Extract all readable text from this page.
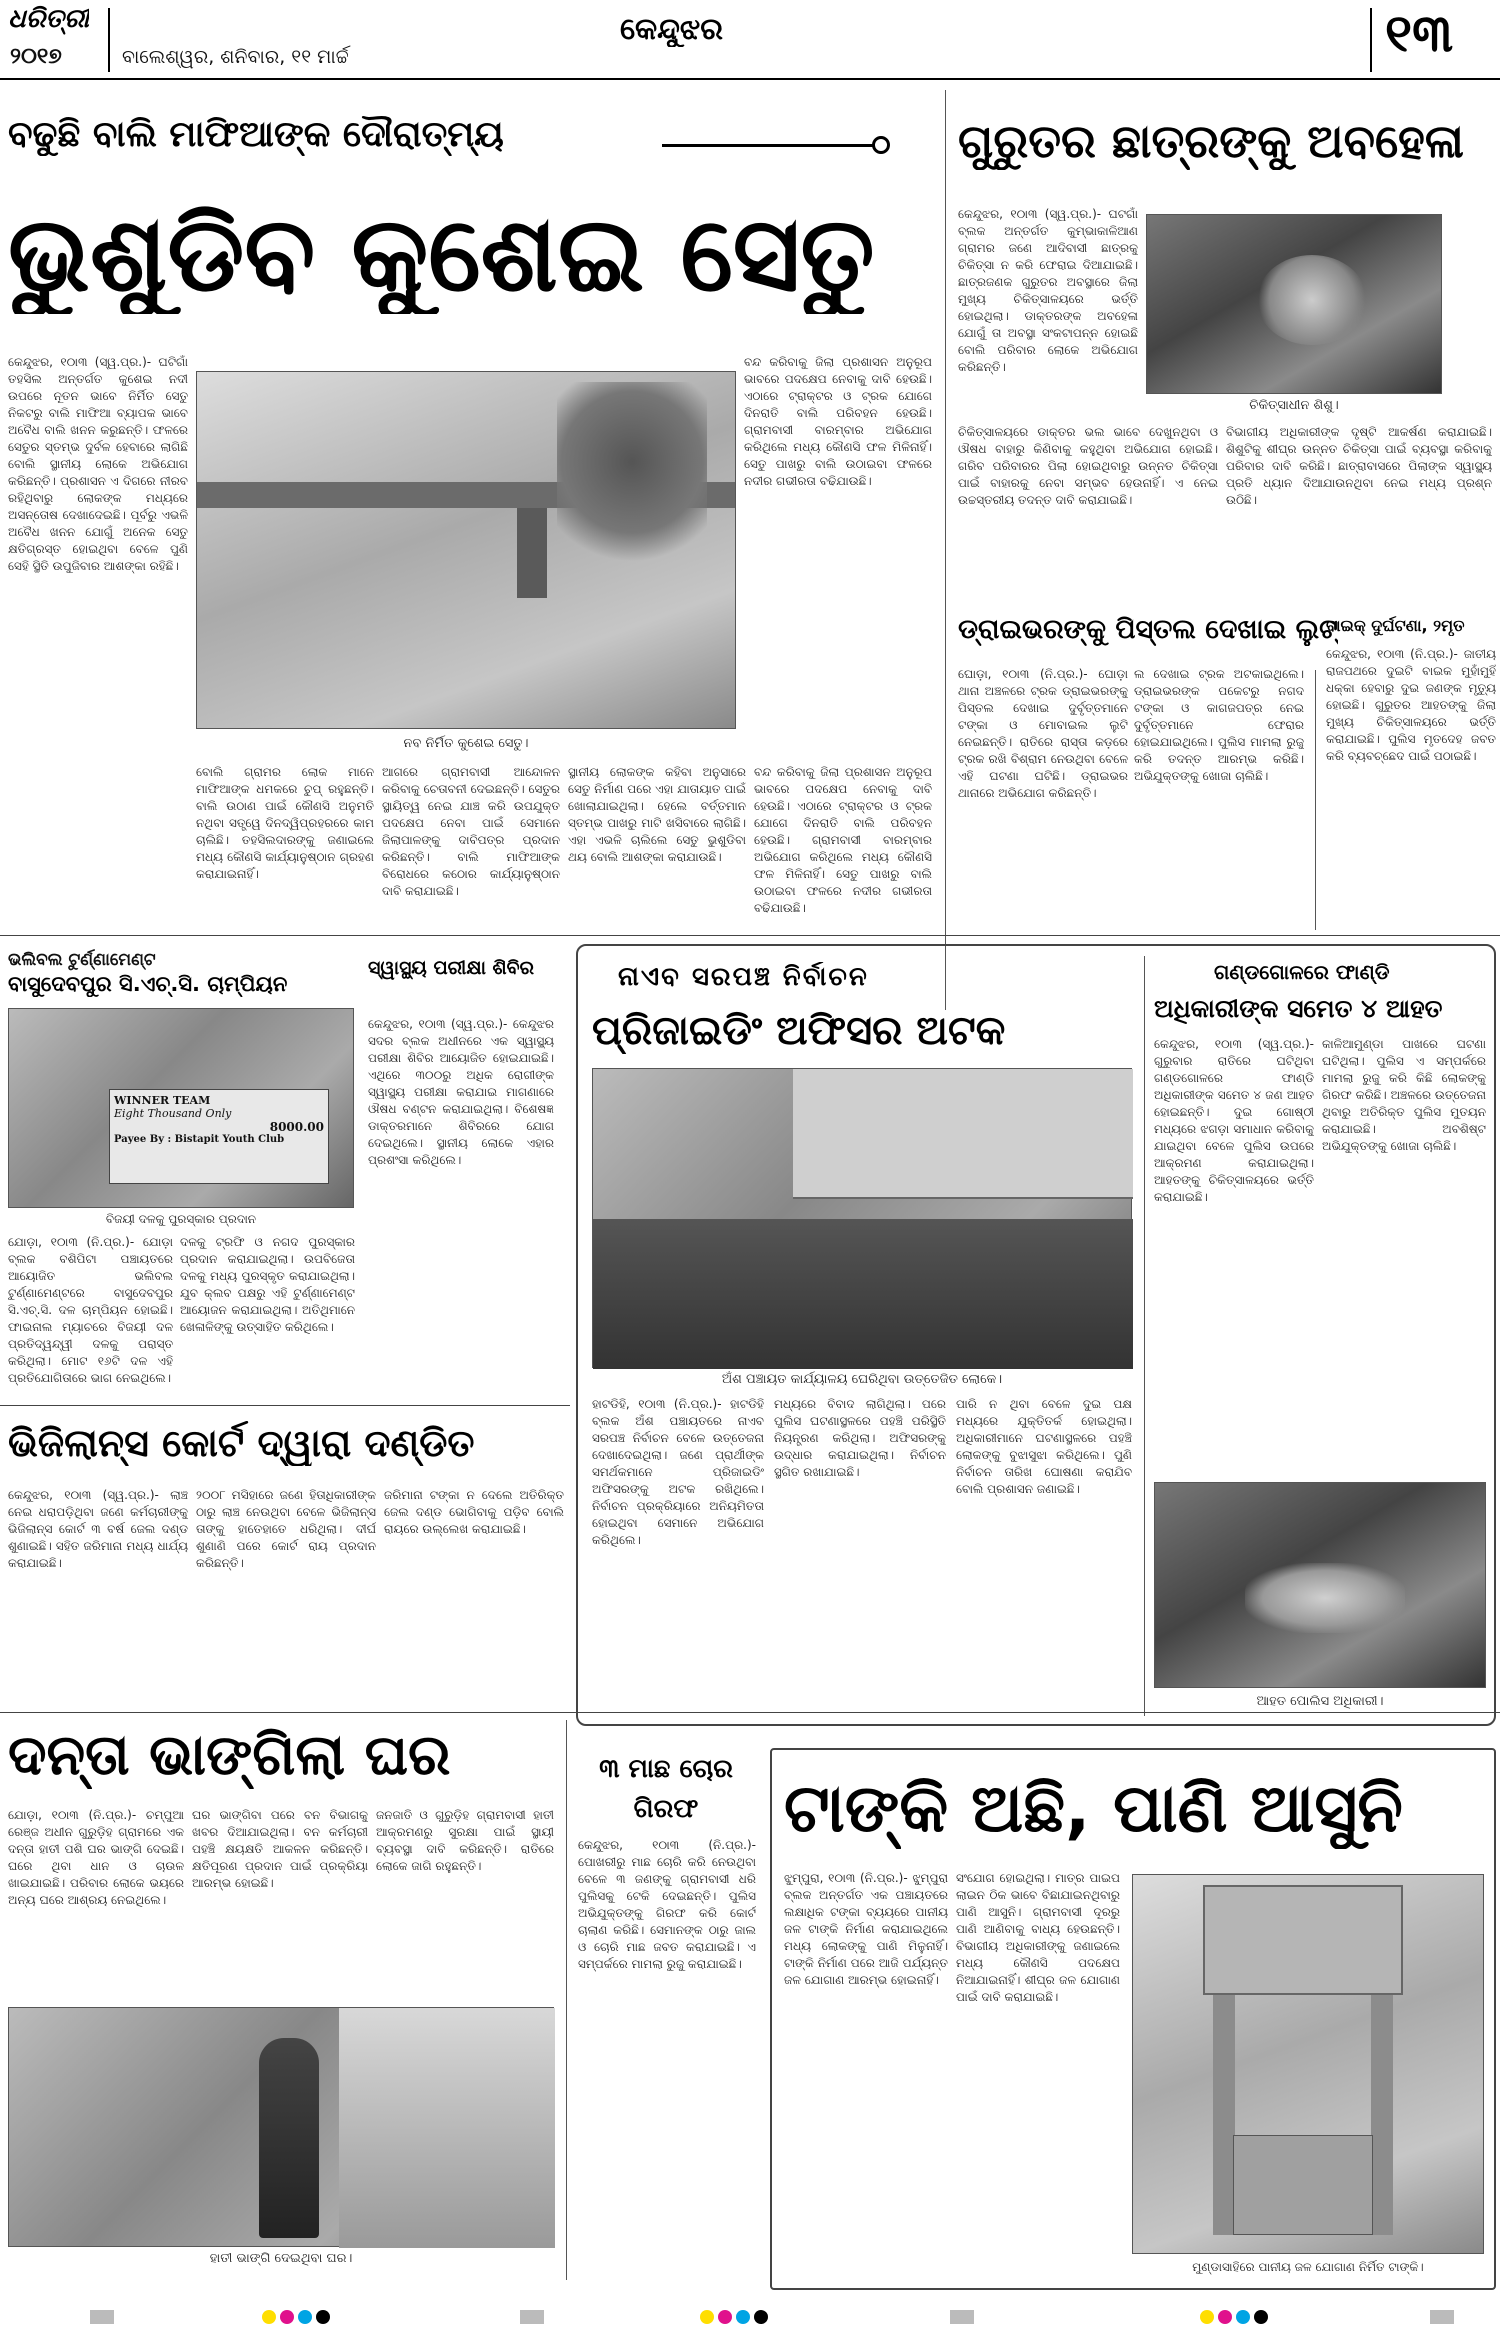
ଧରିତ୍ରୀ
୨୦୧୭	ବାଲେଶ୍ୱର, ଶନିବାର, ୧୧ ମାର୍ଚ୍ଚ
କେନ୍ଦୁଝର	୧୩
ବଢୁଛି ବାଲି ମାଫିଆଙ୍କ ଦୌରାତ୍ମ୍ୟ
ଭୁଶୁଡିବ କୁଶେଇ ସେତୁ
କେନ୍ଦୁଝର, ୧୦ା୩ (ସ୍ୱ.ପ୍ର.)- ଘଟିଗାଁ ତହସିଲ ଅନ୍ତର୍ଗତ କୁଶେଇ ନଦୀ ଉପରେ ନୂତନ ଭାବେ ନିର୍ମିତ ସେତୁ ନିକଟରୁ ବାଲି ମାଫିଆ ବ୍ୟାପକ ଭାବେ ଅବୈଧ ବାଲି ଖନନ କରୁଛନ୍ତି। ଫଳରେ ସେତୁର ସ୍ତମ୍ଭ ଦୁର୍ବଳ ହେବାରେ ଲାଗିଛି ବୋଲି ସ୍ଥାନୀୟ ଲୋକେ ଅଭିଯୋଗ କରିଛନ୍ତି। ପ୍ରଶାସନ ଏ ଦିଗରେ ନୀରବ ରହିଥିବାରୁ ଲୋକଙ୍କ ମଧ୍ୟରେ ଅସନ୍ତୋଷ ଦେଖାଦେଇଛି। ପୂର୍ବରୁ ଏଭଳି ଅବୈଧ ଖନନ ଯୋଗୁଁ ଅନେକ ସେତୁ କ୍ଷତିଗ୍ରସ୍ତ ହୋଇଥିବା ବେଳେ ପୁଣି ସେହି ସ୍ଥିତି ଉପୁଜିବାର ଆଶଙ୍କା ରହିଛି।
ନବ ନିର୍ମିତ କୁଶେଇ ସେତୁ।
ବନ୍ଦ କରିବାକୁ ଜିଲା ପ୍ରଶାସନ ଅନୁରୂପ ଭାବରେ ପଦକ୍ଷେପ ନେବାକୁ ଦାବି ହେଉଛି। ଏଠାରେ ଟ୍ରାକ୍ଟର ଓ ଟ୍ରକ ଯୋଗେ ଦିନରାତି ବାଲି ପରିବହନ ହେଉଛି। ଗ୍ରାମବାସୀ ବାରମ୍ବାର ଅଭିଯୋଗ କରିଥିଲେ ମଧ୍ୟ କୌଣସି ଫଳ ମିଳିନାହିଁ। ସେତୁ ପାଖରୁ ବାଲି ଉଠାଇବା ଫଳରେ ନଦୀର ଗଭୀରତା ବଢିଯାଉଛି।
ବୋଲି ଗ୍ରାମର ଲୋକ ମାନେ ମାଫିଆଙ୍କ ଧମକରେ ଚୁପ୍ ରହୁଛନ୍ତି। ବାଲି ଉଠାଣ ପାଇଁ କୌଣସି ଅନୁମତି ନଥିବା ସତ୍ତ୍ୱେ ଦିନଦ୍ୱିପ୍ରହରରେ କାମ ଚାଲିଛି। ତହସିଲଦାରଙ୍କୁ ଜଣାଇଲେ ମଧ୍ୟ କୌଣସି କାର୍ଯ୍ୟାନୁଷ୍ଠାନ ଗ୍ରହଣ କରାଯାଇନାହିଁ।
ଆଗରେ ଗ୍ରାମବାସୀ ଆନ୍ଦୋଳନ କରିବାକୁ ଚେତାବନୀ ଦେଇଛନ୍ତି। ସେତୁର ସ୍ଥାୟିତ୍ୱ ନେଇ ଯାଞ୍ଚ କରି ଉପଯୁକ୍ତ ପଦକ୍ଷେପ ନେବା ପାଇଁ ସେମାନେ ଜିଲାପାଳଙ୍କୁ ଦାବିପତ୍ର ପ୍ରଦାନ କରିଛନ୍ତି। ବାଲି ମାଫିଆଙ୍କ ବିରୋଧରେ କଠୋର କାର୍ଯ୍ୟାନୁଷ୍ଠାନ ଦାବି କରାଯାଇଛି।
ସ୍ଥାନୀୟ ଲୋକଙ୍କ କହିବା ଅନୁସାରେ ସେତୁ ନିର୍ମାଣ ପରେ ଏହା ଯାତାୟାତ ପାଇଁ ଖୋଲାଯାଇଥିଲା। ହେଲେ ବର୍ତ୍ତମାନ ସ୍ତମ୍ଭ ପାଖରୁ ମାଟି ଖସିବାରେ ଲାଗିଛି। ଏହା ଏଭଳି ଚାଲିଲେ ସେତୁ ଭୁଶୁଡିବା ଥୟ ବୋଲି ଆଶଙ୍କା କରାଯାଉଛି।
ବନ୍ଦ କରିବାକୁ ଜିଲା ପ୍ରଶାସନ ଅନୁରୂପ ଭାବରେ ପଦକ୍ଷେପ ନେବାକୁ ଦାବି ହେଉଛି। ଏଠାରେ ଟ୍ରାକ୍ଟର ଓ ଟ୍ରକ ଯୋଗେ ଦିନରାତି ବାଲି ପରିବହନ ହେଉଛି। ଗ୍ରାମବାସୀ ବାରମ୍ବାର ଅଭିଯୋଗ କରିଥିଲେ ମଧ୍ୟ କୌଣସି ଫଳ ମିଳିନାହିଁ। ସେତୁ ପାଖରୁ ବାଲି ଉଠାଇବା ଫଳରେ ନଦୀର ଗଭୀରତା ବଢିଯାଉଛି।
ଗୁରୁତର ଛାତ୍ରଙ୍କୁ ଅବହେଳା
କେନ୍ଦୁଝର, ୧୦ା୩ (ସ୍ୱ.ପ୍ର.)- ଘଟଗାଁ ବ୍ଲକ ଅନ୍ତର୍ଗତ କୁମ୍ଭାକାଳିଆଣ ଗ୍ରାମର ଜଣେ ଆଦିବାସୀ ଛାତ୍ରକୁ ଚିକିତ୍ସା ନ କରି ଫେରାଇ ଦିଆଯାଇଛି। ଛାତ୍ରଜଣକ ଗୁରୁତର ଅବସ୍ଥାରେ ଜିଲା ମୁଖ୍ୟ ଚିକିତ୍ସାଳୟରେ ଭର୍ତ୍ତି ହୋଇଥିଲା। ଡାକ୍ତରଙ୍କ ଅବହେଳା ଯୋଗୁଁ ତା ଅବସ୍ଥା ସଂକଟାପନ୍ନ ହୋଇଛି ବୋଲି ପରିବାର ଲୋକେ ଅଭିଯୋଗ କରିଛନ୍ତି।
ଚିକିତ୍ସାଧୀନ ଶିଶୁ।
ଚିକିତ୍ସାଳୟରେ ଡାକ୍ତର ଭଲ ଭାବେ ଦେଖୁନଥିବା ଓ ଔଷଧ ବାହାରୁ କିଣିବାକୁ କହୁଥିବା ଅଭିଯୋଗ ହୋଇଛି। ଗରିବ ପରିବାରର ପିଲା ହୋଇଥିବାରୁ ଉନ୍ନତ ଚିକିତ୍ସା ପାଇଁ ବାହାରକୁ ନେବା ସମ୍ଭବ ହେଉନାହିଁ। ଏ ନେଇ ଉଚ୍ଚସ୍ତରୀୟ ତଦନ୍ତ ଦାବି କରାଯାଇଛି।
ବିଭାଗୀୟ ଅଧିକାରୀଙ୍କ ଦୃଷ୍ଟି ଆକର୍ଷଣ କରାଯାଇଛି। ଶିଶୁଟିକୁ ଶୀଘ୍ର ଉନ୍ନତ ଚିକିତ୍ସା ପାଇଁ ବ୍ୟବସ୍ଥା କରିବାକୁ ପରିବାର ଦାବି କରିଛି। ଛାତ୍ରାବାସରେ ପିଲାଙ୍କ ସ୍ୱାସ୍ଥ୍ୟ ପ୍ରତି ଧ୍ୟାନ ଦିଆଯାଉନଥିବା ନେଇ ମଧ୍ୟ ପ୍ରଶ୍ନ ଉଠିଛି।
ଡ୍ରାଇଭରଙ୍କୁ ପିସ୍ତଲ ଦେଖାଇ ଲୁଟ୍
ଘୋଡ଼ା, ୧୦ା୩ (ନି.ପ୍ର.)- ଘୋଡ଼ା ଥାନା ଅଞ୍ଚଳରେ ଟ୍ରକ ଡ୍ରାଇଭରଙ୍କୁ ପିସ୍ତଲ ଦେଖାଇ ଦୁର୍ବୃତ୍ତମାନେ ଟଙ୍କା ଓ ମୋବାଇଲ ଲୁଟି ନେଇଛନ୍ତି। ରାତିରେ ରାସ୍ତା କଡ଼ରେ ଟ୍ରକ ରଖି ବିଶ୍ରାମ ନେଉଥିବା ବେଳେ ଏହି ଘଟଣା ଘଟିଛି। ଡ୍ରାଇଭର ଥାନାରେ ଅଭିଯୋଗ କରିଛନ୍ତି।
ଲ ଦେଖାଇ ଟ୍ରକ ଅଟକାଇଥିଲେ। ଡ୍ରାଇଭରଙ୍କ ପକେଟରୁ ନଗଦ ଟଙ୍କା ଓ କାଗଜପତ୍ର ନେଇ ଦୁର୍ବୃତ୍ତମାନେ ଫେରାର ହୋଇଯାଇଥିଲେ। ପୁଲିସ ମାମଲା ରୁଜୁ କରି ତଦନ୍ତ ଆରମ୍ଭ କରିଛି। ଅଭିଯୁକ୍ତଙ୍କୁ ଖୋଜା ଚାଲିଛି।
ବାଇକ୍ ଦୁର୍ଘଟଣା, ୨ମୃତ
କେନ୍ଦୁଝର, ୧୦ା୩ (ନି.ପ୍ର.)- ଜାତୀୟ ରାଜପଥରେ ଦୁଇଟି ବାଇକ ମୁହାଁମୁହିଁ ଧକ୍କା ହେବାରୁ ଦୁଇ ଜଣଙ୍କ ମୃତ୍ୟୁ ହୋଇଛି। ଗୁରୁତର ଆହତଙ୍କୁ ଜିଲା ମୁଖ୍ୟ ଚିକିତ୍ସାଳୟରେ ଭର୍ତ୍ତି କରାଯାଇଛି। ପୁଲିସ ମୃତଦେହ ଜବତ କରି ବ୍ୟବଚ୍ଛେଦ ପାଇଁ ପଠାଇଛି।
ଭଲିବଲ ଟୁର୍ଣ୍ଣାମେଣ୍ଟ
ବାସୁଦେବପୁର ସି.ଏଚ୍.ସି. ଚାମ୍ପିୟନ
WINNER TEAM
Eight Thousand Only
8000.00
Payee By : Bistapit Youth Club
ବିଜୟୀ ଦଳକୁ ପୁରସ୍କାର ପ୍ରଦାନ
ଯୋଡ଼ା, ୧୦ା୩ (ନି.ପ୍ର.)- ଯୋଡ଼ା ବ୍ଲକ ବଶିପିଟା ପଞ୍ଚାୟତରେ ଆୟୋଜିତ ଭଲିବଲ ଟୁର୍ଣ୍ଣାମେଣ୍ଟରେ ବାସୁଦେବପୁର ସି.ଏଚ୍.ସି. ଦଳ ଚାମ୍ପିୟନ ହୋଇଛି। ଫାଇନାଲ ମ୍ୟାଚରେ ବିଜୟୀ ଦଳ ପ୍ରତିଦ୍ୱନ୍ଦ୍ୱୀ ଦଳକୁ ପରାସ୍ତ କରିଥିଲା। ମୋଟ ୧୬ଟି ଦଳ ଏହି ପ୍ରତିଯୋଗିତାରେ ଭାଗ ନେଇଥିଲେ।
ଦଳକୁ ଟ୍ରଫି ଓ ନଗଦ ପୁରସ୍କାର ପ୍ରଦାନ କରାଯାଇଥିଲା। ଉପବିଜେତା ଦଳକୁ ମଧ୍ୟ ପୁରସ୍କୃତ କରାଯାଇଥିଲା। ଯୁବ କ୍ଲବ ପକ୍ଷରୁ ଏହି ଟୁର୍ଣ୍ଣାମେଣ୍ଟ ଆୟୋଜନ କରାଯାଇଥିଲା। ଅତିଥିମାନେ ଖେଳାଳିଙ୍କୁ ଉତ୍ସାହିତ କରିଥିଲେ।
ସ୍ୱାସ୍ଥ୍ୟ ପରୀକ୍ଷା ଶିବିର
କେନ୍ଦୁଝର, ୧୦ା୩ (ସ୍ୱ.ପ୍ର.)- କେନ୍ଦୁଝର ସଦର ବ୍ଲକ ଅଧୀନରେ ଏକ ସ୍ୱାସ୍ଥ୍ୟ ପରୀକ୍ଷା ଶିବିର ଆୟୋଜିତ ହୋଇଯାଇଛି। ଏଥିରେ ୩୦୦ରୁ ଅଧିକ ରୋଗୀଙ୍କ ସ୍ୱାସ୍ଥ୍ୟ ପରୀକ୍ଷା କରାଯାଇ ମାଗଣାରେ ଔଷଧ ବଣ୍ଟନ କରାଯାଇଥିଲା। ବିଶେଷଜ୍ଞ ଡାକ୍ତରମାନେ ଶିବିରରେ ଯୋଗ ଦେଇଥିଲେ। ସ୍ଥାନୀୟ ଲୋକେ ଏହାର ପ୍ରଶଂସା କରିଥିଲେ।
ନାଏବ ସରପଞ୍ଚ ନିର୍ବାଚନ
ପ୍ରିଜାଇଡିଂ ଅଫିସର ଅଟକ
ଅଁଶ ପଞ୍ଚାୟତ କାର୍ଯ୍ୟାଳୟ ଘେରିଥିବା ଉତ୍ତେଜିତ ଲୋକେ।
ହାଟଡିହି, ୧୦ା୩ (ନି.ପ୍ର.)- ହାଟଡିହି ବ୍ଲକ ଅଁଶ ପଞ୍ଚାୟତରେ ନାଏବ ସରପଞ୍ଚ ନିର୍ବାଚନ ବେଳେ ଉତ୍ତେଜନା ଦେଖାଦେଇଥିଲା। ଜଣେ ପ୍ରାର୍ଥୀଙ୍କ ସମର୍ଥକମାନେ ପ୍ରିଜାଇଡିଂ ଅଫିସରଙ୍କୁ ଅଟକ ରଖିଥିଲେ। ନିର୍ବାଚନ ପ୍ରକ୍ରିୟାରେ ଅନିୟମିତତା ହୋଇଥିବା ସେମାନେ ଅଭିଯୋଗ କରିଥିଲେ।
ମଧ୍ୟରେ ବିବାଦ ଲାଗିଥିଲା। ପରେ ପୁଲିସ ଘଟଣାସ୍ଥଳରେ ପହଞ୍ଚି ପରିସ୍ଥିତି ନିୟନ୍ତ୍ରଣ କରିଥିଲା। ଅଫିସରଙ୍କୁ ଉଦ୍ଧାର କରାଯାଇଥିଲା। ନିର୍ବାଚନ ସ୍ଥଗିତ ରଖାଯାଇଛି।
ପାରି ନ ଥିବା ବେଳେ ଦୁଇ ପକ୍ଷ ମଧ୍ୟରେ ଯୁକ୍ତିତର୍କ ହୋଇଥିଲା। ଅଧିକାରୀମାନେ ଘଟଣାସ୍ଥଳରେ ପହଞ୍ଚି ଲୋକଙ୍କୁ ବୁଝାସୁଝା କରିଥିଲେ। ପୁଣି ନିର୍ବାଚନ ତାରିଖ ଘୋଷଣା କରାଯିବ ବୋଲି ପ୍ରଶାସନ ଜଣାଇଛି।
ଗଣ୍ଡଗୋଳରେ ଫାଣ୍ଡି
ଅଧିକାରୀଙ୍କ ସମେତ ୪ ଆହତ
କେନ୍ଦୁଝର, ୧୦ା୩ (ସ୍ୱ.ପ୍ର.)- ଗୁରୁବାର ରାତିରେ ଘଟିଥିବା ଗଣ୍ଡଗୋଳରେ ଫାଣ୍ଡି ଅଧିକାରୀଙ୍କ ସମେତ ୪ ଜଣ ଆହତ ହୋଇଛନ୍ତି। ଦୁଇ ଗୋଷ୍ଠୀ ମଧ୍ୟରେ ଝଗଡ଼ା ସମାଧାନ କରିବାକୁ ଯାଇଥିବା ବେଳେ ପୁଲିସ ଉପରେ ଆକ୍ରମଣ କରାଯାଇଥିଲା। ଆହତଙ୍କୁ ଚିକିତ୍ସାଳୟରେ ଭର୍ତ୍ତି କରାଯାଇଛି।
କାଳିଆମୁଣ୍ଡା ପାଖରେ ଘଟଣା ଘଟିଥିଲା। ପୁଲିସ ଏ ସମ୍ପର୍କରେ ମାମଲା ରୁଜୁ କରି କିଛି ଲୋକଙ୍କୁ ଗିରଫ କରିଛି। ଅଞ୍ଚଳରେ ଉତ୍ତେଜନା ଥିବାରୁ ଅତିରିକ୍ତ ପୁଲିସ ମୁତୟନ କରାଯାଇଛି। ଅବଶିଷ୍ଟ ଅଭିଯୁକ୍ତଙ୍କୁ ଖୋଜା ଚାଲିଛି।
ଆହତ ପୋଲିସ ଅଧିକାରୀ।
ଭିଜିଲାନ୍ସ କୋର୍ଟ ଦ୍ୱାରା ଦଣ୍ଡିତ
କେନ୍ଦୁଝର, ୧୦ା୩ (ସ୍ୱ.ପ୍ର.)- ଲାଞ୍ଚ ନେଇ ଧରାପଡ଼ିଥିବା ଜଣେ କର୍ମଚାରୀଙ୍କୁ ଭିଜିଲାନ୍ସ କୋର୍ଟ ୩ ବର୍ଷ ଜେଲ ଦଣ୍ଡ ଶୁଣାଇଛି। ସହିତ ଜରିମାନା ମଧ୍ୟ ଧାର୍ଯ୍ୟ କରାଯାଇଛି।
୨୦୦୮ ମସିହାରେ ଜଣେ ହିତାଧିକାରୀଙ୍କ ଠାରୁ ଲାଞ୍ଚ ନେଉଥିବା ବେଳେ ଭିଜିଲାନ୍ସ ତାଙ୍କୁ ହାତେହାତେ ଧରିଥିଲା। ଦୀର୍ଘ ଶୁଣାଣି ପରେ କୋର୍ଟ ରାୟ ପ୍ରଦାନ କରିଛନ୍ତି।
ଜରିମାନା ଟଙ୍କା ନ ଦେଲେ ଅତିରିକ୍ତ ଜେଲ ଦଣ୍ଡ ଭୋଗିବାକୁ ପଡ଼ିବ ବୋଲି ରାୟରେ ଉଲ୍ଲେଖ କରାଯାଇଛି।
ଦନ୍ତା ଭାଙ୍ଗିଲା ଘର
ଯୋଡ଼ା, ୧୦ା୩ (ନି.ପ୍ର.)- ଚମ୍ପୁଆ ରେଞ୍ଜ ଅଧୀନ ଗୁରୁଡ଼ିହ ଗ୍ରାମରେ ଏକ ଦନ୍ତା ହାତୀ ପଶି ଘର ଭାଙ୍ଗି ଦେଇଛି। ଘରେ ଥିବା ଧାନ ଓ ଚାଉଳ ଖାଇଯାଇଛି। ପରିବାର ଲୋକେ ଭୟରେ ଅନ୍ୟ ଘରେ ଆଶ୍ରୟ ନେଇଥିଲେ।
ଘର ଭାଙ୍ଗିବା ପରେ ବନ ବିଭାଗକୁ ଖବର ଦିଆଯାଇଥିଲା। ବନ କର୍ମଚାରୀ ପହଞ୍ଚି କ୍ଷୟକ୍ଷତି ଆକଳନ କରିଛନ୍ତି। କ୍ଷତିପୂରଣ ପ୍ରଦାନ ପାଇଁ ପ୍ରକ୍ରିୟା ଆରମ୍ଭ ହୋଇଛି।
ଜନଜାତି ଓ ଗୁରୁଡ଼ିହ ଗ୍ରାମବାସୀ ହାତୀ ଆକ୍ରମଣରୁ ସୁରକ୍ଷା ପାଇଁ ସ୍ଥାୟୀ ବ୍ୟବସ୍ଥା ଦାବି କରିଛନ୍ତି। ରାତିରେ ଲୋକେ ଜାଗି ରହୁଛନ୍ତି।
ହାତୀ ଭାଙ୍ଗି ଦେଇଥିବା ଘର।
୩ ମାଛ ଚୋର ଗିରଫ
କେନ୍ଦୁଝର, ୧୦ା୩ (ନି.ପ୍ର.)- ପୋଖରୀରୁ ମାଛ ଚୋରି କରି ନେଉଥିବା ବେଳେ ୩ ଜଣଙ୍କୁ ଗ୍ରାମବାସୀ ଧରି ପୁଲିସକୁ ଟେକି ଦେଇଛନ୍ତି। ପୁଲିସ ଅଭିଯୁକ୍ତଙ୍କୁ ଗିରଫ କରି କୋର୍ଟ ଚାଲାଣ କରିଛି। ସେମାନଙ୍କ ଠାରୁ ଜାଲ ଓ ଚୋରି ମାଛ ଜବତ କରାଯାଇଛି। ଏ ସମ୍ପର୍କରେ ମାମଲା ରୁଜୁ କରାଯାଇଛି।
ଟାଙ୍କି ଅଛି, ପାଣି ଆସୁନି
ଝୁମ୍ପୁରା, ୧୦ା୩ (ନି.ପ୍ର.)- ଝୁମ୍ପୁରା ବ୍ଲକ ଅନ୍ତର୍ଗତ ଏକ ପଞ୍ଚାୟତରେ ଲକ୍ଷାଧିକ ଟଙ୍କା ବ୍ୟୟରେ ପାନୀୟ ଜଳ ଟାଙ୍କି ନିର୍ମାଣ କରାଯାଇଥିଲେ ମଧ୍ୟ ଲୋକଙ୍କୁ ପାଣି ମିଳୁନାହିଁ। ଟାଙ୍କି ନିର୍ମାଣ ପରେ ଆଜି ପର୍ଯ୍ୟନ୍ତ ଜଳ ଯୋଗାଣ ଆରମ୍ଭ ହୋଇନାହିଁ।
ସଂଯୋଗ ହୋଇଥିଲା। ମାତ୍ର ପାଇପ ଲାଇନ ଠିକ ଭାବେ ବିଛାଯାଇନଥିବାରୁ ପାଣି ଆସୁନି। ଗ୍ରାମବାସୀ ଦୂରରୁ ପାଣି ଆଣିବାକୁ ବାଧ୍ୟ ହେଉଛନ୍ତି। ବିଭାଗୀୟ ଅଧିକାରୀଙ୍କୁ ଜଣାଇଲେ ମଧ୍ୟ କୌଣସି ପଦକ୍ଷେପ ନିଆଯାଇନାହିଁ। ଶୀଘ୍ର ଜଳ ଯୋଗାଣ ପାଇଁ ଦାବି କରାଯାଇଛି।
ମୁଣ୍ଡାସାହିରେ ପାନୀୟ ଜଳ ଯୋଗାଣ ନିର୍ମିତ ଟାଙ୍କି।
